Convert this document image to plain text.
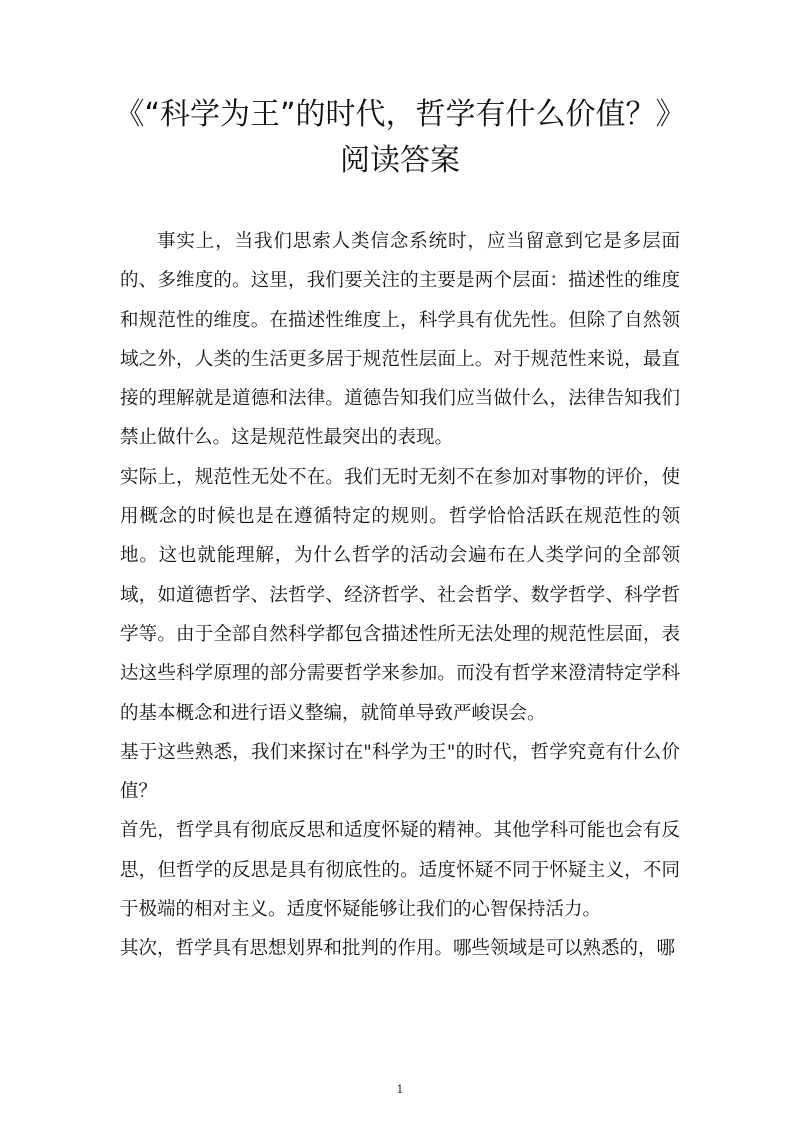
《“科学为王”的时代，哲学有什么价值？》
阅读答案

事实上，当我们思索人类信念系统时，应当留意到它是多层面的、多维度的。这里，我们要关注的主要是两个层面：描述性的维度和规范性的维度。在描述性维度上，科学具有优先性。但除了自然领域之外，人类的生活更多居于规范性层面上。对于规范性来说，最直接的理解就是道德和法律。道德告知我们应当做什么，法律告知我们禁止做什么。这是规范性最突出的表现。

实际上，规范性无处不在。我们无时无刻不在参加对事物的评价，使用概念的时候也是在遵循特定的规则。哲学恰恰活跃在规范性的领地。这也就能理解，为什么哲学的活动会遍布在人类学问的全部领域，如道德哲学、法哲学、经济哲学、社会哲学、数学哲学、科学哲学等。由于全部自然科学都包含描述性所无法处理的规范性层面，表达这些科学原理的部分需要哲学来参加。而没有哲学来澄清特定学科的基本概念和进行语义整编，就简单导致严峻误会。

基于这些熟悉，我们来探讨在"科学为王"的时代，哲学究竟有什么价值？

首先，哲学具有彻底反思和适度怀疑的精神。其他学科可能也会有反思，但哲学的反思是具有彻底性的。适度怀疑不同于怀疑主义，不同于极端的相对主义。适度怀疑能够让我们的心智保持活力。

其次，哲学具有思想划界和批判的作用。哪些领域是可以熟悉的，哪

1
